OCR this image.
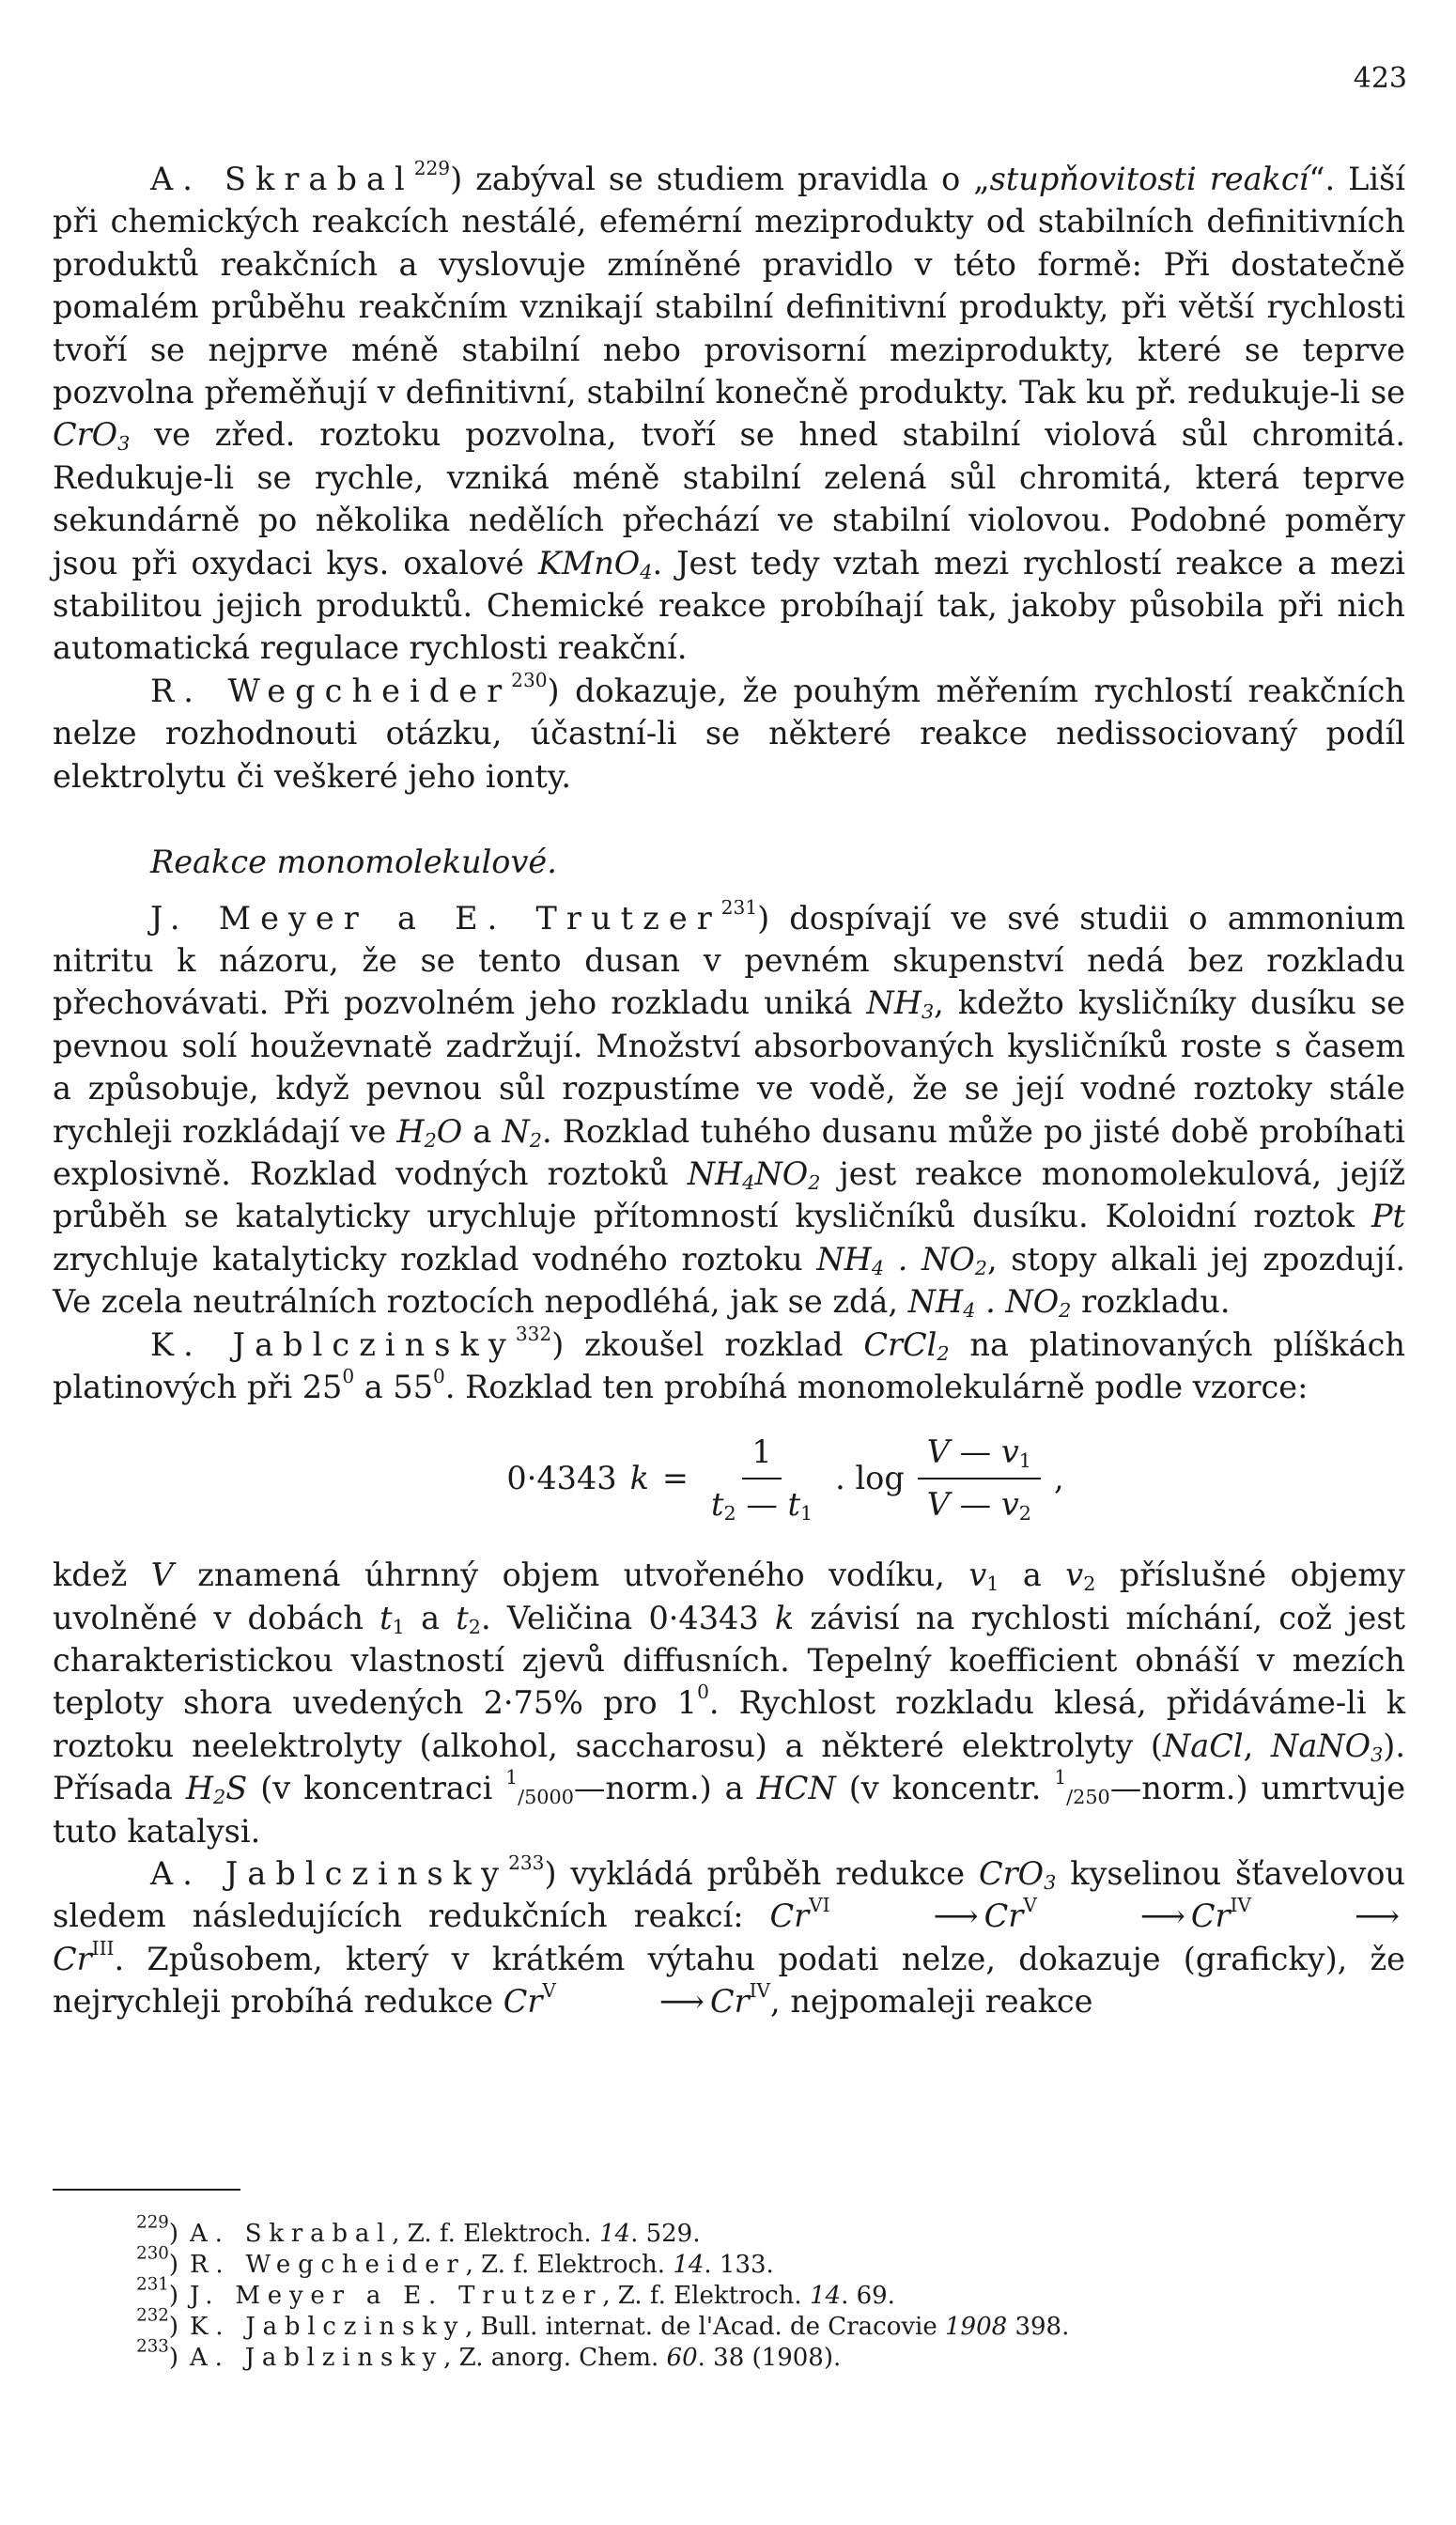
423

A. Skrabal$^{229}$) zabýval se studiem pravidla o „stupňovitosti reakcí“. Liší při chemických reakcích nestálé, efemérní meziprodukty od stabilních definitivních produktů reakčních a vyslovuje zmíněné pravidlo v této formě: Při dostatečně pomalém průběhu reakčním vznikají stabilní definitivní produkty, při větší rychlosti tvoří se nejprve méně stabilní nebo provisorní meziprodukty, které se teprve pozvolna přeměňují v definitivní, stabilní konečně produkty. Tak ku př. redukuje-li se CrO$_3$ ve zřed. roztoku pozvolna, tvoří se hned stabilní violová sůl chromitá. Redukuje-li se rychle, vzniká méně stabilní zelená sůl chromitá, která teprve sekundárně po několika nedělích přechází ve stabilní violovou. Podobné poměry jsou při oxydaci kys. oxalové KMnO$_4$. Jest tedy vztah mezi rychlostí reakce a mezi stabilitou jejich produktů. Chemické reakce probíhají tak, jakoby působila při nich automatická regulace rychlosti reakční.

R. Wegcheider$^{230}$) dokazuje, že pouhým měřením rychlostí reakčních nelze rozhodnouti otázku, účastní-li se některé reakce nedissociovaný podíl elektrolytu či veškeré jeho ionty.

Reakce monomolekulové.

J. Meyer a E. Trutzer$^{231}$) dospívají ve své studii o ammonium nitritu k názoru, že se tento dusan v pevném skupenství nedá bez rozkladu přechovávati. Při pozvolném jeho rozkladu uniká $NH_3$, kdežto kysličníky dusíku se pevnou solí houževnatě zadržují. Množství absorbovaných kysličníků roste s časem a způsobuje, když pevnou sůl rozpustíme ve vodě, že se její vodné roztoky stále rychleji rozkládají ve $H_2O$ a $N_2$. Rozklad tuhého dusanu může po jisté době probíhati explosivně. Rozklad vodných roztoků $NH_4NO_2$ jest reakce monomolekulová, jejíž průběh se katalyticky urychluje přítomností kysličníků dusíku. Koloidní roztok Pt zrychluje katalyticky rozklad vodného roztoku $NH_4$ . $NO_2$, stopy alkali jej zpozdují. Ve zcela neutrálních roztocích nepodléhá, jak se zdá, $NH_4$ . $NO_2$ rozkladu.

K. Jablczinsky$^{332}$) zkoušel rozklad CrCl$_2$ na platinovaných plíškách platinových při $25^0$ a $55^0$. Rozklad ten probíhá monomolekulárně podle vzorce:

0·4343 $k = \frac{1}{t_2 — t_1}$ . $\log \frac{V — v_1}{V — v_2}$ ,

kdež V znamená úhrnný objem utvořeného vodíku, $v_1$ a $v_2$ příslušné objemy uvolněné v dobách $t_1$ a $t_2$. Veličina 0·4343 k závisí na rychlosti míchání, což jest charakteristickou vlastností zjevů diffusních. Tepelný koefficient obnáší v mezích teploty shora uvedených 2·75% pro $1^0$. Rychlost rozkladu klesá, přidáváme-li k roztoku neelektrolyty (alkohol, saccharosu) a některé elektrolyty (NaCl, NaNO$_3$). Přísada $H_2S$ (v koncentraci $^1_{/5000}$—norm.) a HCN (v koncentr. $^1_{/250}$—norm.) umrtvuje tuto katalysi.

A. Jablczinsky$^{233}$) vykládá průběh redukce CrO$_3$ kyselinou šťavelovou sledem následujících redukčních reakcí: $Cr^{VI}$	⟶ $Cr^V$	⟶ $Cr^{IV}$	$⟶Cr^{III}$. Způsobem, který v krátkém výtahu podati nelze, dokazuje (graficky), že nejrychleji probíhá redukce $Cr^V$	⟶ $Cr^{IV}$, nejpomaleji reakce

$^{229}$) A. Skrabal, Z. f. Elektroch. 14. 529.
$^{230}$) R. Wegcheider, Z. f. Elektroch. 14. 133.
$^{231}$) J. Meyer a E. Trutzer, Z. f. Elektroch. 14. 69.
$^{232}$) K. Jablczinsky, Bull. internat. de l'Acad. de Cracovie 1908 398.
$^{233}$) A. Jablzinsky, Z. anorg. Chem. 60. 38 (1908).
